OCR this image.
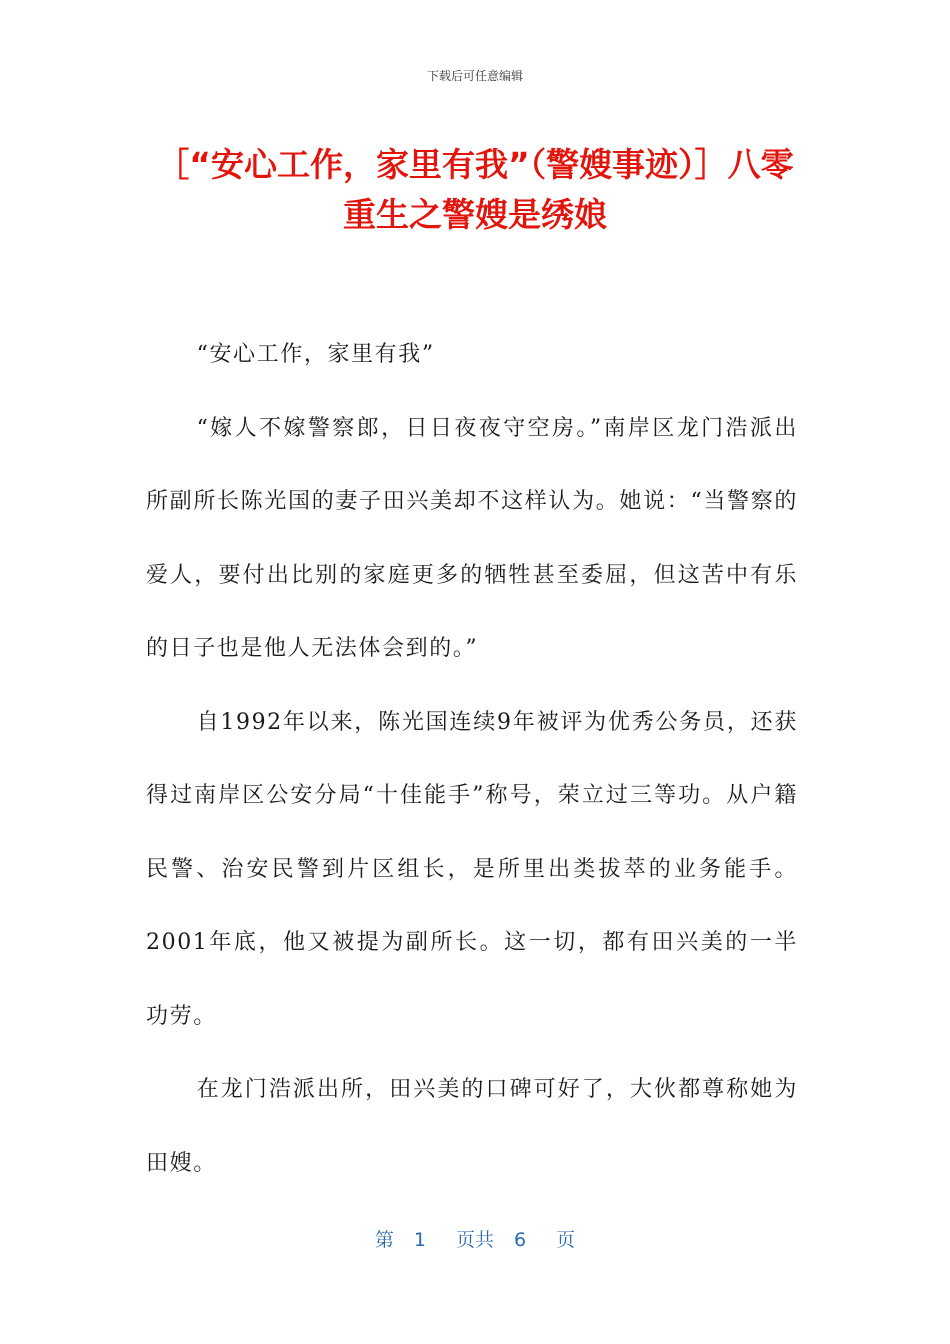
下载后可任意编辑
［“安心工作，家里有我”（警嫂事迹）］八零重生之警嫂是绣娘

“安心工作，家里有我”

“嫁人不嫁警察郎，日日夜夜守空房。”南岸区龙门浩派出所副所长陈光国的妻子田兴美却不这样认为。她说：“当警察的爱人，要付出比别的家庭更多的牺牲甚至委屈，但这苦中有乐的日子也是他人无法体会到的。”

自1992年以来，陈光国连续9年被评为优秀公务员，还获得过南岸区公安分局“十佳能手”称号，荣立过三等功。从户籍民警、治安民警到片区组长，是所里出类拔萃的业务能手。2001年底，他又被提为副所长。这一切，都有田兴美的一半功劳。

在龙门浩派出所，田兴美的口碑可好了，大伙都尊称她为田嫂。

第 1 页共 6 页
